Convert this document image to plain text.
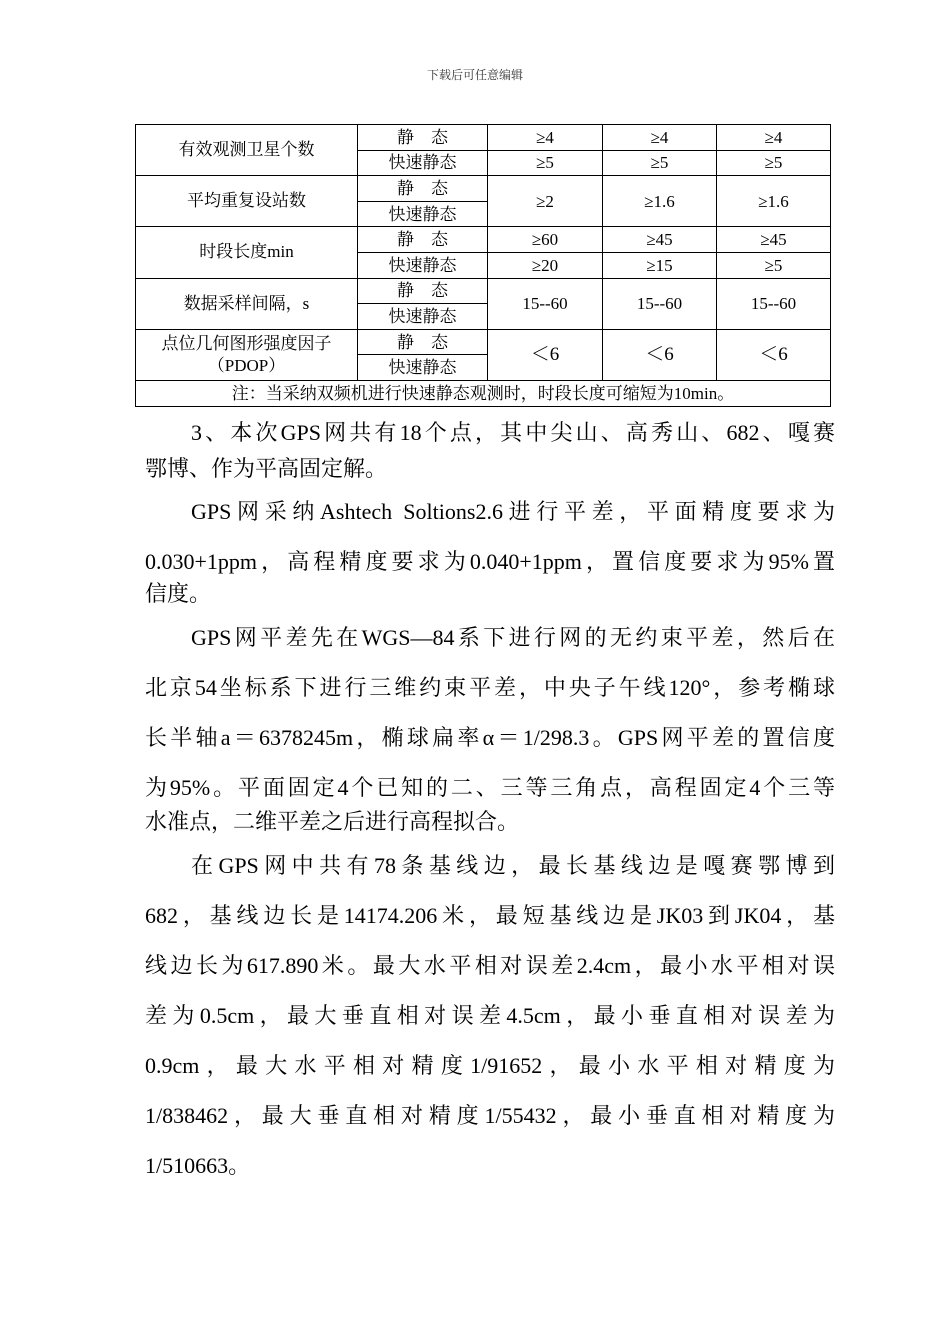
下载后可任意编辑
有效观测卫星个数	静　态	≥4	≥4	≥4
	快速静态	≥5	≥5	≥5
平均重复设站数	静　态	≥2	≥1.6	≥1.6
	快速静态			
时段长度min	静　态	≥60	≥45	≥45
	快速静态	≥20	≥15	≥5
数据采样间隔，s	静　态	15--60	15--60	15--60
	快速静态			
点位几何图形强度因子（PDOP）	静　态	＜6	＜6	＜6
	快速静态			
注：当采纳双频机进行快速静态观测时，时段长度可缩短为10min。				
3、本次GPS网共有18个点，其中尖山、高秀山、682、嘎赛
鄂博、作为平高固定解。
GPS网采纳Ashtech Soltions2.6进行平差，平面精度要求为
0.030+1ppm，高程精度要求为0.040+1ppm，置信度要求为95%置
信度。
GPS网平差先在WGS—84系下进行网的无约束平差，然后在
北京54坐标系下进行三维约束平差，中央子午线120°，参考椭球
长半轴a＝6378245m，椭球扁率α＝1/298.3。GPS网平差的置信度
为95%。平面固定4个已知的二、三等三角点，高程固定4个三等
水准点，二维平差之后进行高程拟合。
在GPS网中共有78条基线边，最长基线边是嘎赛鄂博到
682，基线边长是14174.206米，最短基线边是JK03到JK04，基
线边长为617.890米。最大水平相对误差2.4cm，最小水平相对误
差为0.5cm，最大垂直相对误差4.5cm，最小垂直相对误差为
0.9cm，最大水平相对精度1/91652，最小水平相对精度为
1/838462，最大垂直相对精度1/55432，最小垂直相对精度为
1/510663。
